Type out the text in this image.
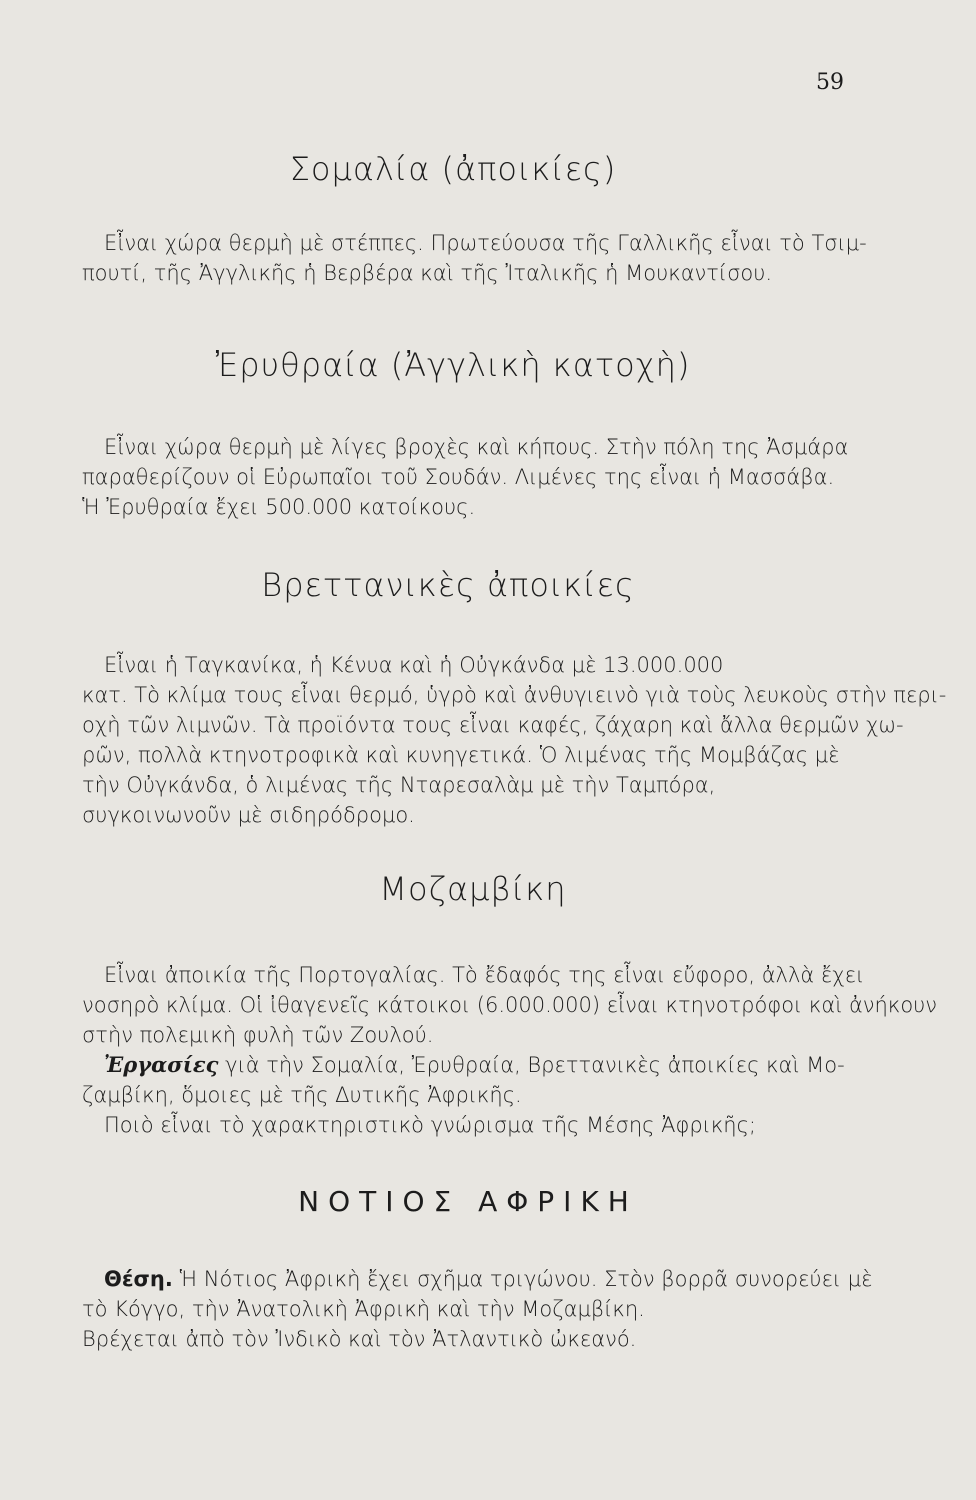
59
Σομαλία (ἀποικίες)
Εἶναι χώρα θερμὴ μὲ στέππες. Πρωτεύουσα τῆς Γαλλικῆς εἶναι τὸ Τσιμ-
πουτί, τῆς Ἀγγλικῆς ἡ Βερβέρα καὶ τῆς Ἰταλικῆς ἡ Μουκαντίσου.
Ἐρυθραία (Ἀγγλικὴ κατοχὴ)
Εἶναι χώρα θερμὴ μὲ λίγες βροχὲς καὶ κήπους. Στὴν πόλη της Ἀσμάρα
παραθερίζουν οἱ Εὐρωπαῖοι τοῦ Σουδάν. Λιμένες της εἶναι ἡ Μασσάβα.
Ἡ Ἐρυθραία ἔχει 500.000 κατοίκους.
Βρεττανικὲς ἀποικίες
Εἶναι ἡ Ταγκανίκα, ἡ Κένυα καὶ ἡ Οὐγκάνδα μὲ 13.000.000
κατ. Τὸ κλίμα τους εἶναι θερμό, ὑγρὸ καὶ ἀνθυγιεινὸ γιὰ τοὺς λευκοὺς στὴν περι-
οχὴ τῶν λιμνῶν. Τὰ προϊόντα τους εἶναι καφές, ζάχαρη καὶ ἄλλα θερμῶν χω-
ρῶν, πολλὰ κτηνοτροφικὰ καὶ κυνηγετικά. Ὁ λιμένας τῆς Μομβάζας μὲ
τὴν Οὐγκάνδα, ὁ λιμένας τῆς Νταρεσαλὰμ μὲ τὴν Ταμπόρα,
συγκοινωνοῦν μὲ σιδηρόδρομο.
Μοζαμβίκη
Εἶναι ἀποικία τῆς Πορτογαλίας. Τὸ ἔδαφός της εἶναι εὔφορο, ἀλλὰ ἔχει
νοσηρὸ κλίμα. Οἱ ἰθαγενεῖς κάτοικοι (6.000.000) εἶναι κτηνοτρόφοι καὶ ἀνήκουν
στὴν πολεμικὴ φυλὴ τῶν Ζουλού.
Ἐργασίες γιὰ τὴν Σομαλία, Ἐρυθραία, Βρεττανικὲς ἀποικίες καὶ Μο-
ζαμβίκη, ὅμοιες μὲ τῆς Δυτικῆς Ἀφρικῆς.
Ποιὸ εἶναι τὸ χαρακτηριστικὸ γνώρισμα τῆς Μέσης Ἀφρικῆς;
ΝΟΤΙΟΣ ΑΦΡΙΚΗ
Θέση. Ἡ Νότιος Ἀφρικὴ ἔχει σχῆμα τριγώνου. Στὸν βορρᾶ συνορεύει μὲ
τὸ Κόγγο, τὴν Ἀνατολικὴ Ἀφρικὴ καὶ τὴν Μοζαμβίκη.
Βρέχεται ἀπὸ τὸν Ἰνδικὸ καὶ τὸν Ἀτλαντικὸ ὠκεανό.
